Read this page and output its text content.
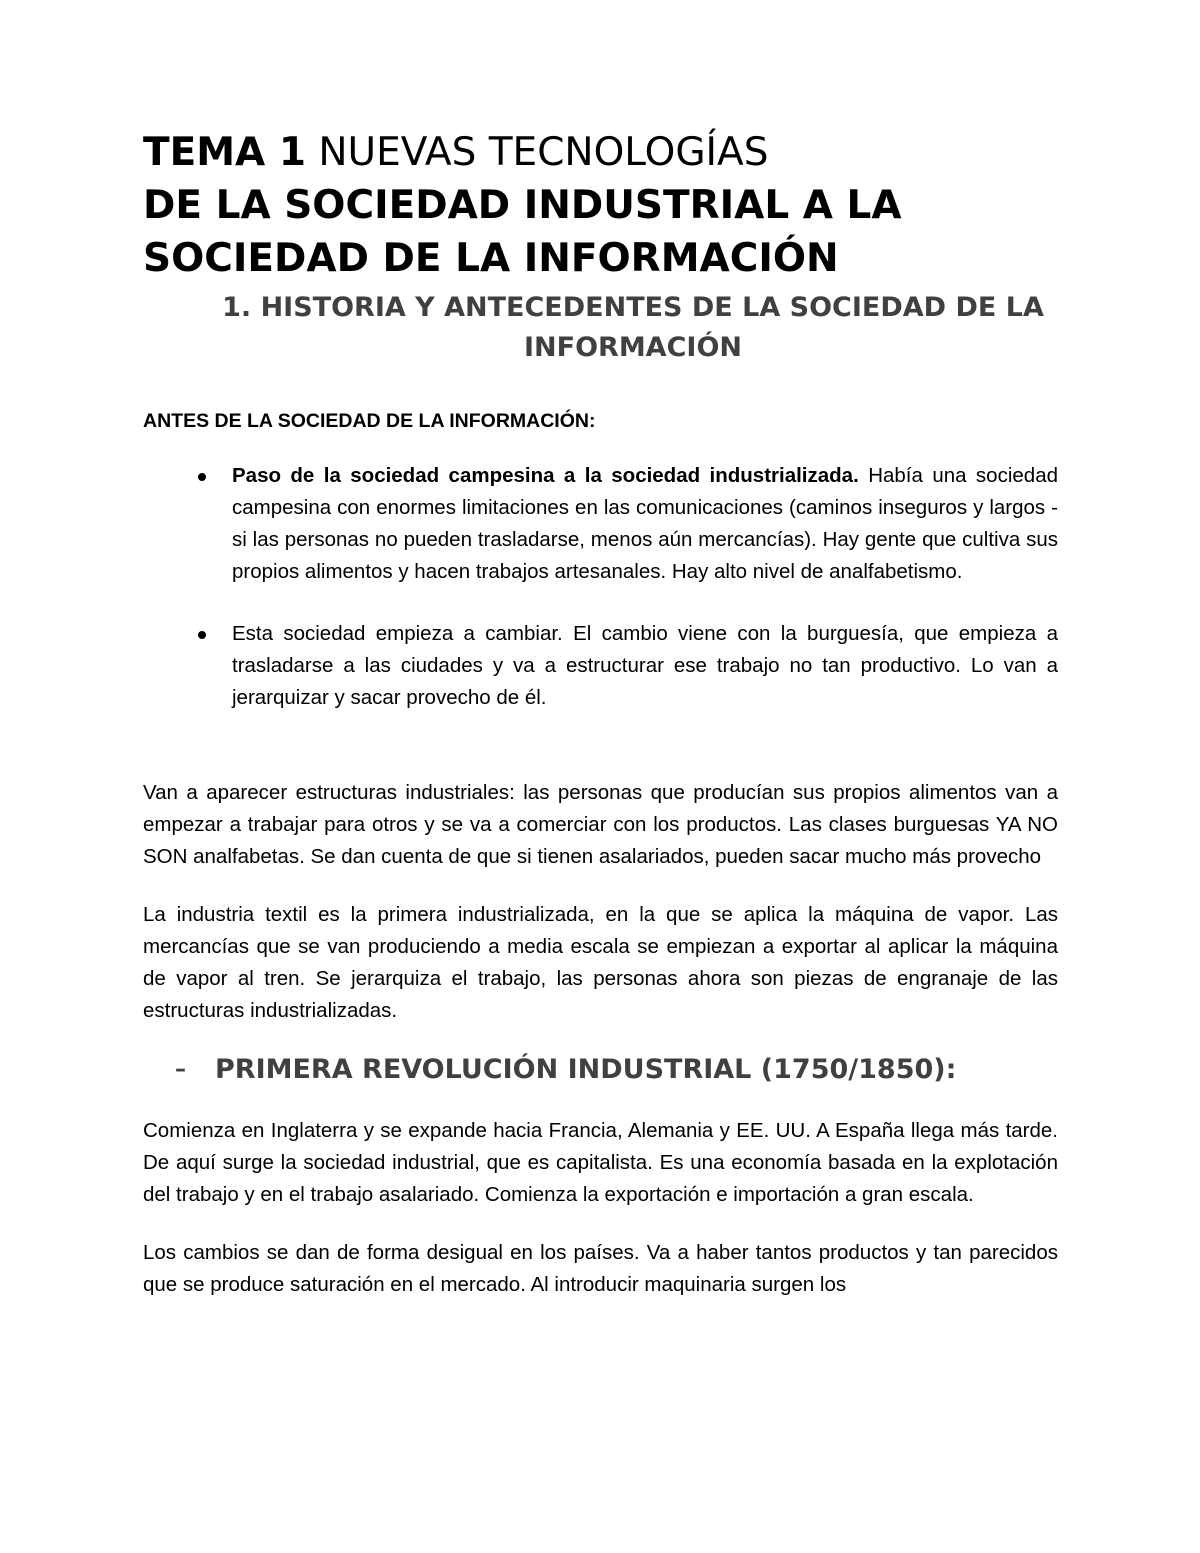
TEMA 1 NUEVAS TECNOLOGÍAS
DE LA SOCIEDAD INDUSTRIAL A LA
SOCIEDAD DE LA INFORMACIÓN
1. HISTORIA Y ANTECEDENTES DE LA SOCIEDAD DE LA
INFORMACIÓN

ANTES DE LA SOCIEDAD DE LA INFORMACIÓN:

Paso de la sociedad campesina a la sociedad industrializada. Había una sociedad campesina con enormes limitaciones en las comunicaciones (caminos inseguros y largos - si las personas no pueden trasladarse, menos aún mercancías). Hay gente que cultiva sus propios alimentos y hacen trabajos artesanales. Hay alto nivel de analfabetismo.
Esta sociedad empieza a cambiar. El cambio viene con la burguesía, que empieza a trasladarse a las ciudades y va a estructurar ese trabajo no tan productivo. Lo van a jerarquizar y sacar provecho de él.

Van a aparecer estructuras industriales: las personas que producían sus propios alimentos van a empezar a trabajar para otros y se va a comerciar con los productos. Las clases burguesas YA NO SON analfabetas. Se dan cuenta de que si tienen asalariados, pueden sacar mucho más provecho

La industria textil es la primera industrializada, en la que se aplica la máquina de vapor. Las mercancías que se van produciendo a media escala se empiezan a exportar al aplicar la máquina de vapor al tren. Se jerarquiza el trabajo, las personas ahora son piezas de engranaje de las estructuras industrializadas.

– PRIMERA REVOLUCIÓN INDUSTRIAL (1750/1850):

Comienza en Inglaterra y se expande hacia Francia, Alemania y EE. UU. A España llega más tarde. De aquí surge la sociedad industrial, que es capitalista. Es una economía basada en la explotación del trabajo y en el trabajo asalariado. Comienza la exportación e importación a gran escala.

Los cambios se dan de forma desigual en los países. Va a haber tantos productos y tan parecidos que se produce saturación en el mercado. Al introducir maquinaria surgen los
